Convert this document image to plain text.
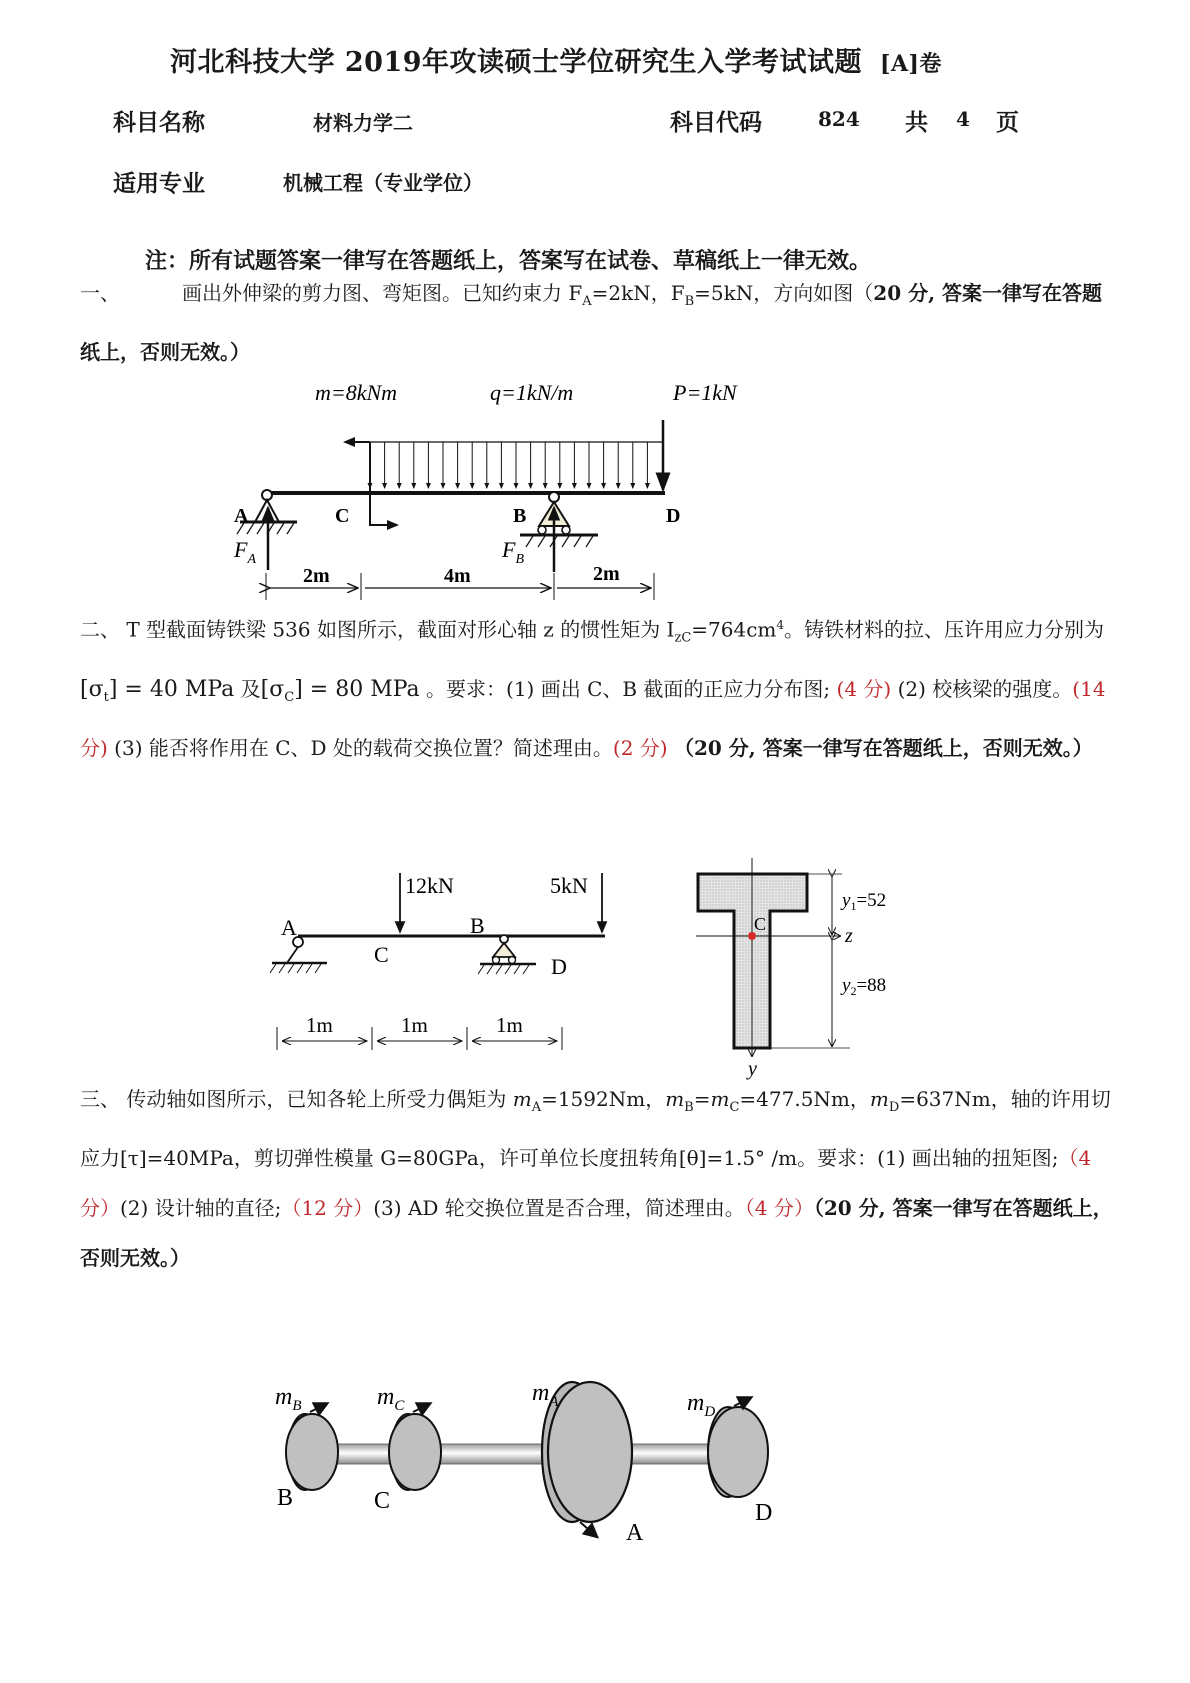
河北科技大学 2019年攻读硕士学位研究生入学考试试题 [A]卷
科目名称	材料力学二	科目代码	824 共 4 页
适用专业	机械工程（专业学位）
注：所有试题答案一律写在答题纸上，答案写在试卷、草稿纸上一律无效。
一、	画出外伸梁的剪力图、弯矩图。已知约束力 $F_A=2kN$，$F_B=5kN$，方向如图（20 分, 答案一律写在答题纸上，否则无效。）
m=8kNm	q=1kN/m	P=1kN
A	C	B	D
$F_A$	$F_B$
2m	4m	2m
二、 T 型截面铸铁梁 536 如图所示，截面对形心轴 z 的惯性矩为 $I_{zC}=764cm^4$。铸铁材料的拉、压许用应力分别为$[\sigma_t] = 40$ MPa 及$[\sigma_C] = 80$ MPa 。要求：(1) 画出 C、B 截面的正应力分布图; (4 分) (2) 校核梁的强度。(14 分) (3) 能否将作用在 C、D 处的载荷交换位置？简述理由。(2 分) （20 分, 答案一律写在答题纸上，否则无效。）
12kN	5kN
A
C
B
D
1m	1m	1m
C
z
y
$y_1=52$
$y_2=88$
三、 传动轴如图所示，已知各轮上所受力偶矩为 $m_A=1592Nm$，$m_B=m_C=477.5Nm$，$m_D=637Nm$，轴的许用切应力[τ]=40MPa，剪切弹性模量 G=80GPa，许可单位长度扭转角[θ]=1.5° /m。要求：(1) 画出轴的扭矩图;（4 分）(2) 设计轴的直径;（12 分）(3) AD 轮交换位置是否合理，简述理由。（4 分）（20 分, 答案一律写在答题纸上，否则无效。）
$m_B$	$m_C$	$m_A$	$m_D$
B	C
A
D
